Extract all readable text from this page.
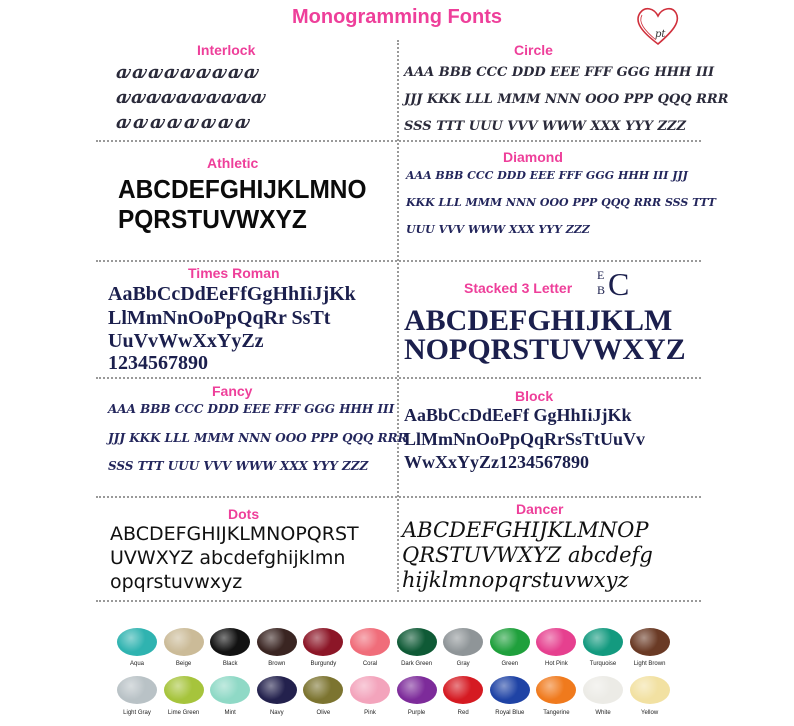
Monogramming Fonts
pt
Interlock
ꜹꜹꜹꜹꜹꜹꜹꜹꜹ
ꜹꜹꜹꜹꜹꜹꜹꜹꜹꜹ
ꜹꜹꜹꜹꜹꜹꜹꜹ
Circle
AAA BBB CCC DDD EEE FFF GGG HHH III
JJJ KKK LLL MMM NNN OOO PPP QQQ RRR
SSS TTT UUU VVV WWW XXX YYY ZZZ
Athletic
ABCDEFGHIJKLMNO
PQRSTUVWXYZ
Diamond
AAA BBB CCC DDD EEE FFF GGG HHH III JJJ
KKK LLL MMM NNN OOO PPP QQQ RRR SSS TTT
UUU VVV WWW XXX YYY ZZZ
Times Roman
AaBbCcDdEeFfGgHhIiJjKk
LlMmNnOoPpQqRr SsTt
UuVvWwXxYyZz
1234567890
Stacked 3 Letter
E
B C
ABCDEFGHIJKLM
NOPQRSTUVWXYZ
Fancy
AAA BBB CCC DDD EEE FFF GGG HHH III
JJJ KKK LLL MMM NNN OOO PPP QQQ RRR
SSS TTT UUU VVV WWW XXX YYY ZZZ
Block
AaBbCcDdEeFf GgHhIiJjKk
LlMmNnOoPpQqRrSsTtUuVv
WwXxYyZz1234567890
Dots
ABCDEFGHIJKLMNOPQRST
UVWXYZ abcdefghijklmn
opqrstuvwxyz
Dancer
ABCDEFGHIJKLMNOP
QRSTUVWXYZ abcdefg
hijklmnopqrstuvwxyz
Aqua	Beige	Black	Brown	Burgundy	Coral	Dark Green	Gray	Green	Hot Pink	Turquoise	Light Brown
Light Gray	Lime Green	Mint	Navy	Olive	Pink	Purple	Red	Royal Blue	Tangerine	White	Yellow
